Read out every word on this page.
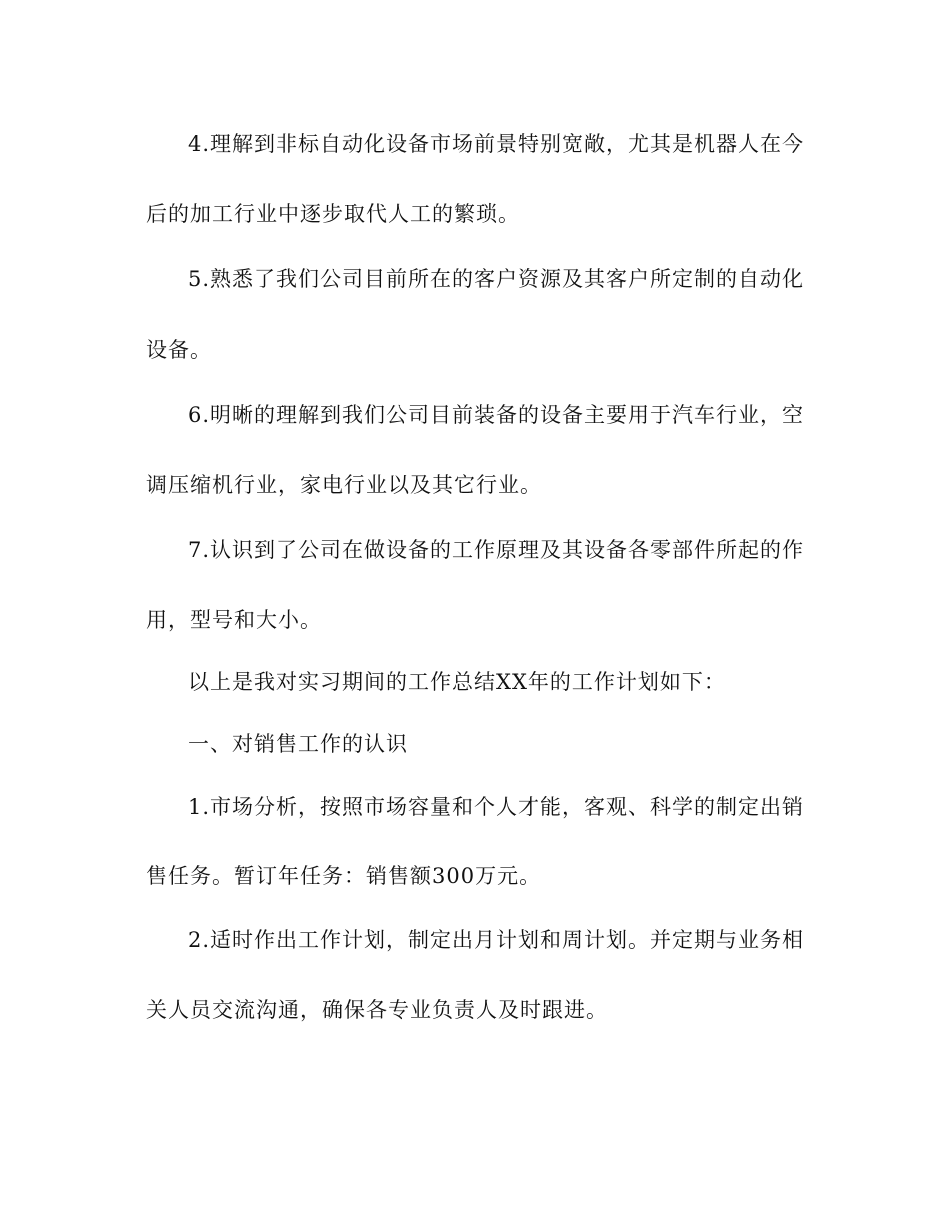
4.理解到非标自动化设备市场前景特别宽敞，尤其是机器人在今
后的加工行业中逐步取代人工的繁琐。
5.熟悉了我们公司目前所在的客户资源及其客户所定制的自动化
设备。
6.明晰的理解到我们公司目前装备的设备主要用于汽车行业，空
调压缩机行业，家电行业以及其它行业。
7.认识到了公司在做设备的工作原理及其设备各零部件所起的作
用，型号和大小。
以上是我对实习期间的工作总结XX年的工作计划如下：
一、对销售工作的认识
1.市场分析，按照市场容量和个人才能，客观、科学的制定出销
售任务。暂订年任务：销售额300万元。
2.适时作出工作计划，制定出月计划和周计划。并定期与业务相
关人员交流沟通，确保各专业负责人及时跟进。
